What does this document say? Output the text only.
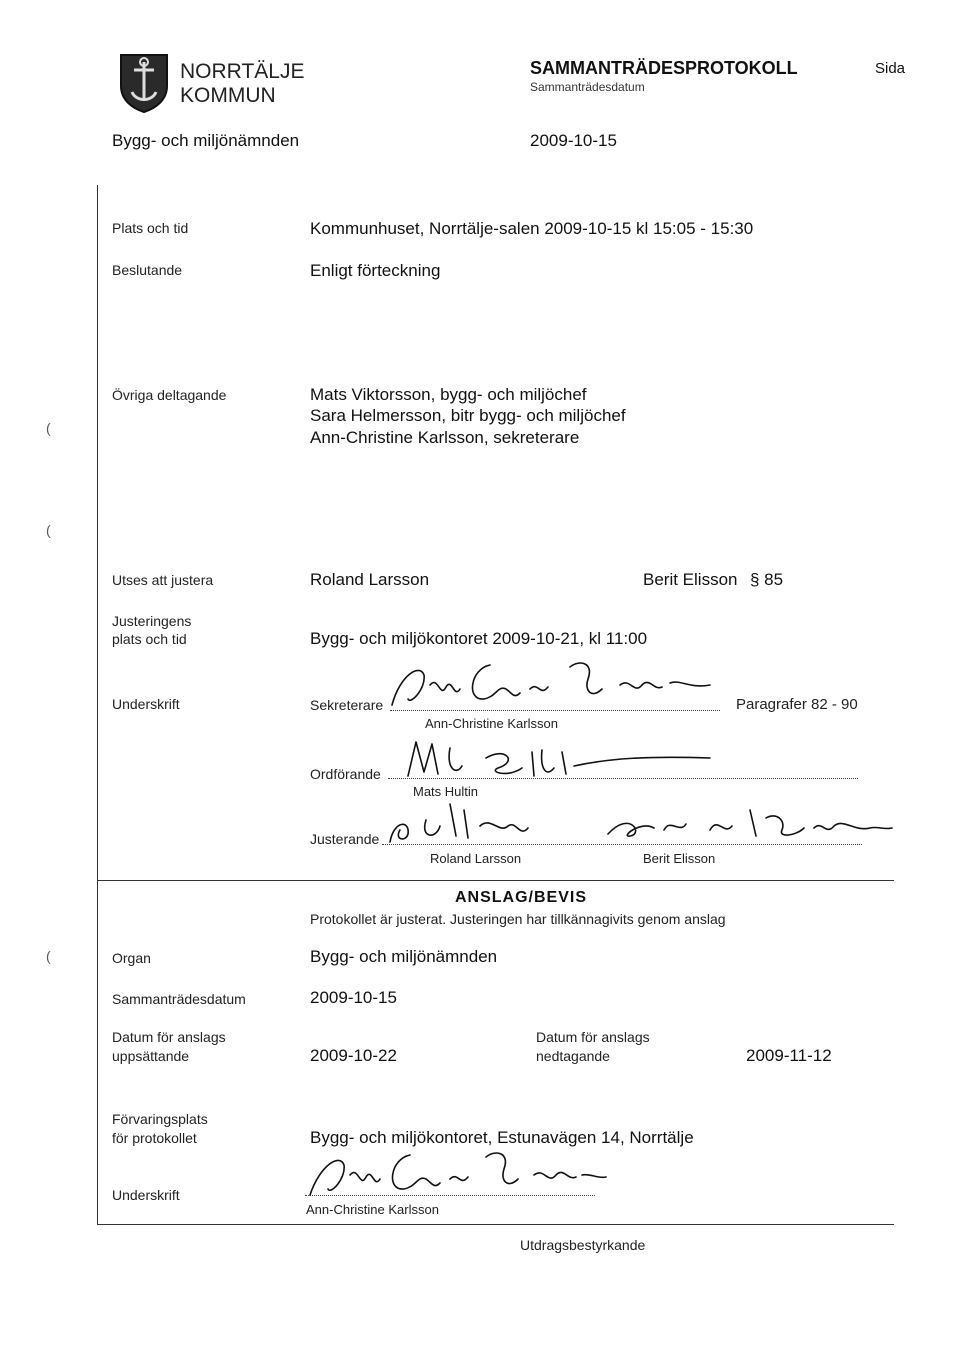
NORRTÄLJE
KOMMUN
SAMMANTRÄDESPROTOKOLL
Sammanträdesdatum
Sida
Bygg- och miljönämnden	2009-10-15
Plats och tid	Kommunhuset, Norrtälje-salen 2009-10-15 kl 15:05 - 15:30
Beslutande	Enligt förteckning
Övriga deltagande	Mats Viktorsson, bygg- och miljöchef
Sara Helmersson, bitr bygg- och miljöchef
Ann-Christine Karlsson, sekreterare
(
(
(
Utses att justera	Roland Larsson	Berit Elisson § 85
Justeringens
plats och tid	Bygg- och miljökontoret 2009-10-21, kl 11:00
Underskrift	Sekreterare	Paragrafer 82 - 90
Ann-Christine Karlsson
Ordförande
Mats Hultin
Justerande
Roland Larsson	Berit Elisson
ANSLAG/BEVIS
Protokollet är justerat. Justeringen har tillkännagivits genom anslag
Organ	Bygg- och miljönämnden
Sammanträdesdatum	2009-10-15
Datum för anslags
uppsättande	2009-10-22
Datum för anslags
nedtagande	2009-11-12
Förvaringsplats
för protokollet	Bygg- och miljökontoret, Estunavägen 14, Norrtälje
Underskrift
Ann-Christine Karlsson
Utdragsbestyrkande
